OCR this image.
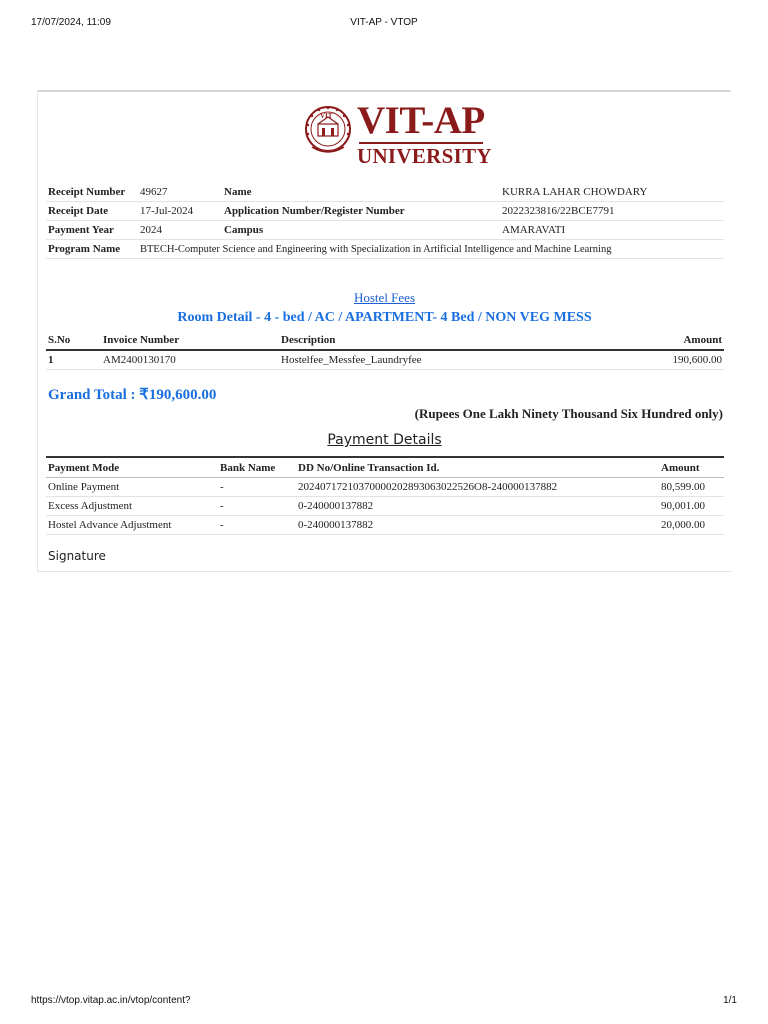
17/07/2024, 11:09	VIT-AP - VTOP
VIT VIT-AP
UNIVERSITY
Receipt Number	49627	Name	KURRA LAHAR CHOWDARY
Receipt Date	17-Jul-2024	Application Number/Register Number	2022323816/22BCE7791
Payment Year	2024	Campus	AMARAVATI
Program Name	BTECH-Computer Science and Engineering with Specialization in Artificial Intelligence and Machine Learning		
Hostel Fees
Room Detail - 4 - bed / AC / APARTMENT- 4 Bed / NON VEG MESS
S.No	Invoice Number	Description	Amount
1	AM2400130170	Hostelfee_Messfee_Laundryfee	190,600.00
Grand Total : ₹190,600.00
(Rupees One Lakh Ninety Thousand Six Hundred only)
Payment Details
Payment Mode	Bank Name	DD No/Online Transaction Id.	Amount
Online Payment	-	20240717210370000202893063022526O8-240000137882	80,599.00
Excess Adjustment	-	0-240000137882	90,001.00
Hostel Advance Adjustment	-	0-240000137882	20,000.00
Signature
https://vtop.vitap.ac.in/vtop/content?	1/1
